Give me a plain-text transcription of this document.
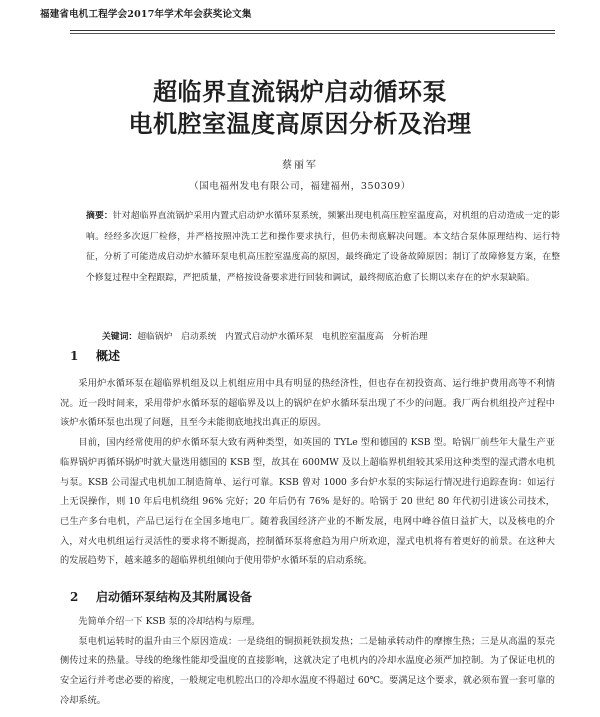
福建省电机工程学会2017年学术年会获奖论文集
超临界直流锅炉启动循环泵
电机腔室温度高原因分析及治理
蔡丽军
（国电福州发电有限公司，福建福州，350309）
摘要：针对超临界直流锅炉采用内置式启动炉水循环泵系统，频繁出现电机高压腔室温度高，对机组的启动造成一定的影响。经经多次返厂检修，并严格按照冲洗工艺和操作要求执行，但仍未彻底解决问题。本文结合泵体原理结构、运行特征，分析了可能造成启动炉水循环泵电机高压腔室温度高的原因，最终确定了设备故障原因；制订了故障修复方案，在整个修复过程中全程跟踪，严把质量，严格按设备要求进行回装和调试，最终彻底治愈了长期以来存在的炉水泵缺陷。
关键词：超临锅炉 启动系统 内置式启动炉水循环泵 电机腔室温度高 分析治理
1 概述

采用炉水循环泵在超临界机组及以上机组应用中具有明显的热经济性，但也存在初投资高、运行维护费用高等不利情况。近一段时间来，采用带炉水循环泵的超临界及以上的锅炉在炉水循环泵出现了不少的问题。我厂两台机组投产过程中该炉水循环泵也出现了问题，且至今未能彻底地找出真正的原因。

目前，国内经常使用的炉水循环泵大致有两种类型，如英国的 TYLe 型和德国的 KSB 型。哈锅厂前些年大量生产亚临界锅炉再循环锅炉时就大量选用德国的 KSB 型，故其在 600MW 及以上超临界机组较其采用这种类型的湿式潜水电机与泵。KSB 公司湿式电机加工制造简单、运行可靠。KSB 曾对 1000 多台炉水泵的实际运行情况进行追踪查询：如运行上无误操作，则 10 年后电机绕组 96% 完好；20 年后仍有 76% 是好的。哈锅于 20 世纪 80 年代初引进该公司技术，已生产多台电机，产品已运行在全国多地电厂。随着我国经济产业的不断发展，电网中峰谷值日益扩大，以及核电的介入，对火电机组运行灵活性的要求将不断提高，控制循环泵将愈趋为用户所欢迎，湿式电机将有着更好的前景。在这种大的发展趋势下，越来越多的超临界机组倾向于使用带炉水循环泵的启动系统。

2 启动循环泵结构及其附属设备

先简单介绍一下 KSB 泵的冷却结构与原理。

泵电机运转时的温升由三个原因造成：一是绕组的铜损耗铁损发热；二是轴承转动件的摩擦生热；三是从高温的泵壳侧传过来的热量。导线的绝缘性能却受温度的直接影响，这就决定了电机内的冷却水温度必须严加控制。为了保证电机的安全运行并考虑必要的裕度，一般规定电机腔出口的冷却水温度不得超过 60℃。要满足这个要求，就必须布置一套可靠的冷却系统。
